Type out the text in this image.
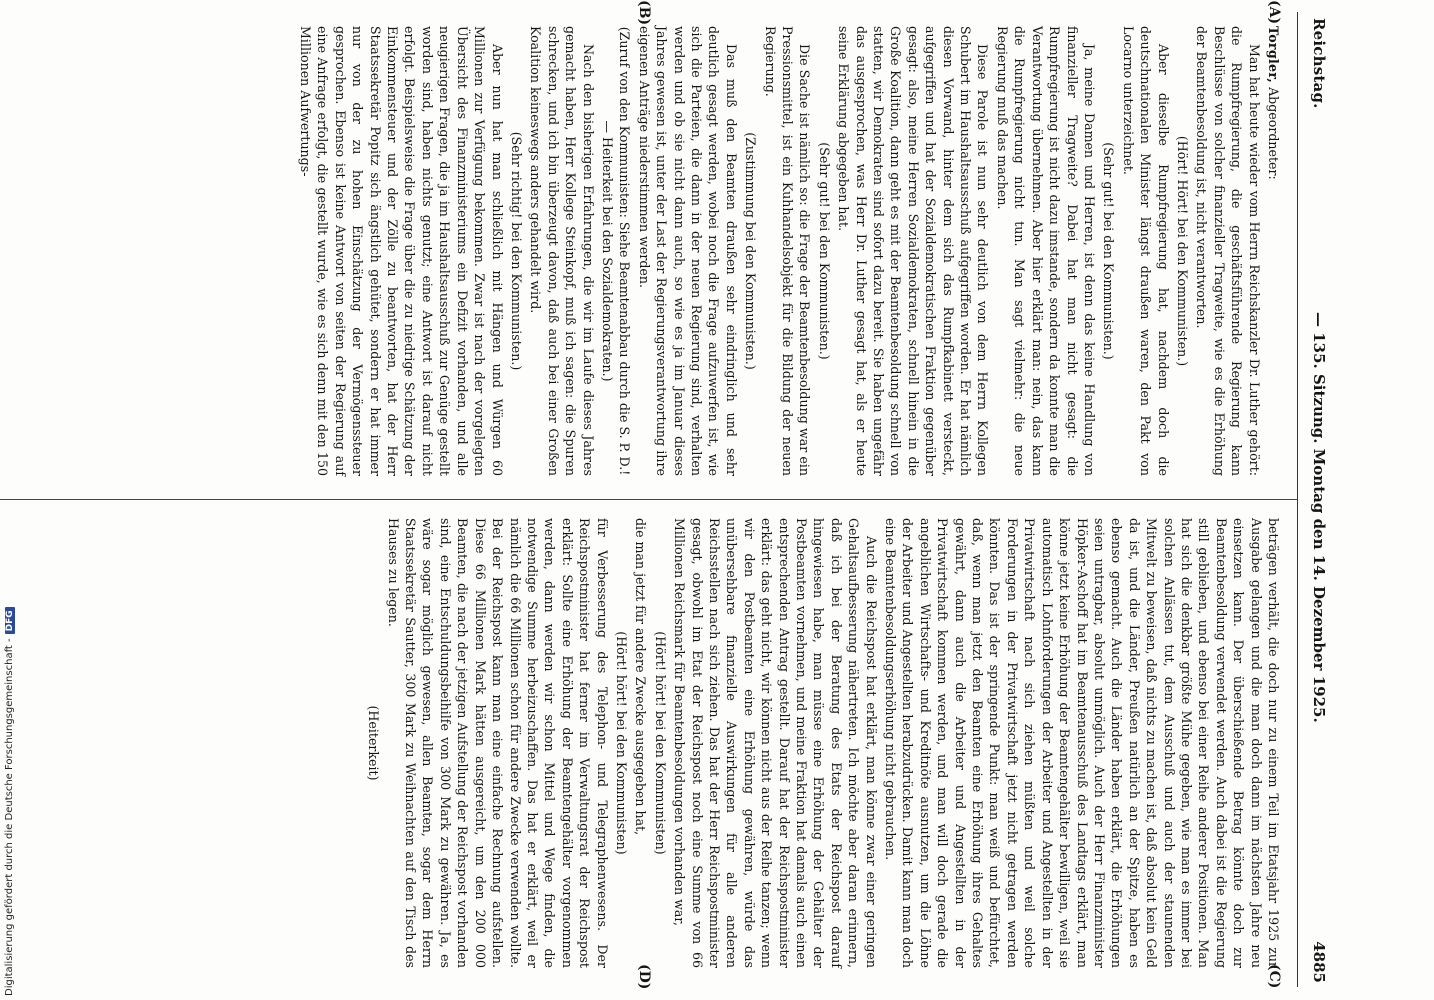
Reichstag.
— 135. Sitzung. Montag den 14. Dezember 1925.
4885
(A)
(B)
(C)
(D)

Torgler, Abgeordneter:

Man hat heute wieder vom Herrn Reichskanzler Dr. Luther gehört: die Rumpfregierung, die geschäftsführende Regierung kann Beschlüsse von solcher finanzieller Tragweite, wie es die Erhöhung der Beamtenbesoldung ist, nicht verantworten.

(Hört! Hört! bei den Kommunisten.)

Aber dieselbe Rumpfregierung hat, nachdem doch die deutschnationalen Minister längst draußen waren, den Pakt von Locarno unterzeichnet.

(Sehr gut! bei den Kommunisten.)

Ja, meine Damen und Herren, ist denn das keine Handlung von finanzieller Tragweite? Dabei hat man nicht gesagt: die Rumpfregierung ist nicht dazu imstande, sondern da konnte man die Verantwortung übernehmen. Aber hier erklärt man: nein, das kann die Rumpfregierung nicht tun. Man sagt vielmehr: die neue Regierung muß das machen.

Diese Parole ist nun sehr deutlich von dem Herrn Kollegen Schubert im Haushaltsausschuß aufgegriffen worden. Er hat nämlich diesen Vorwand, hinter dem sich das Rumpfkabinett versteckt, aufgegriffen und hat der Sozialdemokratischen Fraktion gegenüber gesagt: also, meine Herren Sozialdemokraten, schnell hinein in die Große Koalition, dann geht es mit der Beamtenbesoldung schnell von statten, wir Demokraten sind sofort dazu bereit. Sie haben ungefähr das ausgesprochen, was Herr Dr. Luther gesagt hat, als er heute seine Erklärung abgegeben hat.

(Sehr gut! bei den Kommunisten.)

Die Sache ist nämlich so: die Frage der Beamtenbesoldung war ein Pressionsmittel, ist ein Kuhhandelsobjekt für die Bildung der neuen Regierung.

(Zustimmung bei den Kommunisten.)

Das muß den Beamten draußen sehr eindringlich und sehr deutlich gesagt werden, wobei noch die Frage aufzuwerfen ist, wie sich die Parteien, die dann in der neuen Regierung sind, verhalten werden und ob sie nicht dann auch, so wie es ja im Januar dieses Jahres gewesen ist, unter der Last der Regierungsverantwortung ihre eigenen Anträge niederstimmen werden.

(Zuruf von den Kommunisten: Siehe Beamtenabbau durch die S. P. D.! — Heiterkeit bei den Sozialdemokraten.)

Nach den bisherigen Erfahrungen, die wir im Laufe dieses Jahres gemacht haben, Herr Kollege Steinkopf, muß ich sagen: die Spuren schrecken, und ich bin überzeugt davon, daß auch bei einer Großen Koalition keineswegs anders gehandelt wird.

(Sehr richtig! bei den Kommunisten.)

Aber nun hat man schließlich mit Hängen und Würgen 60 Millionen zur Verfügung bekommen. Zwar ist nach der vorgelegten Übersicht des Finanzministeriums ein Defizit vorhanden, und alle neugierigen Fragen, die ja im Haushaltsausschuß zur Genüge gestellt worden sind, haben nichts genutzt; eine Antwort ist darauf nicht erfolgt. Beispielsweise die Frage über die zu niedrige Schätzung der Einkommensteuer und der Zölle zu beantworten, hat der Herr Staatssekretär Popitz sich ängstlich gehütet, sondern er hat immer nur von der zu hohen Einschätzung der Vermögenssteuer gesprochen. Ebenso ist keine Antwort von seiten der Regierung auf eine Anfrage erfolgt, die gestellt wurde, wie es sich denn mit den 150 Millionen Aufwertungs-

beträgen verhält, die doch nur zu einem Teil im Etatsjahr 1925 zur Ausgabe gelangen und die man doch dann im nächsten Jahre neu einsetzen kann. Der überschießende Betrag könnte doch zur Beamtenbesoldung verwendet werden. Auch dabei ist die Regierung still geblieben, und ebenso bei einer Reihe anderer Positionen. Man hat sich die denkbar größte Mühe gegeben, wie man es immer bei solchen Anlässen tut, dem Ausschuß und auch der staunenden Mitwelt zu beweisen, daß nichts zu machen ist, daß absolut kein Geld da ist, und die Länder, Preußen natürlich an der Spitze, haben es ebenso gemacht. Auch die Länder haben erklärt, die Erhöhungen seien untragbar, absolut unmöglich. Auch der Herr Finanzminister Höpker-Aschoff hat im Beamtenausschuß des Landtags erklärt, man könne jetzt keine Erhöhung der Beamtengehälter bewilligen, weil sie automatisch Lohnforderungen der Arbeiter und Angestellten in der Privatwirtschaft nach sich ziehen müßten und weil solche Forderungen in der Privatwirtschaft jetzt nicht getragen werden könnten. Das ist der springende Punkt: man weiß und befürchtet, daß, wenn man jetzt den Beamten eine Erhöhung ihres Gehaltes gewährt, dann auch die Arbeiter und Angestellten in der Privatwirtschaft kommen werden, und man will doch gerade die angeblichen Wirtschafts- und Kreditnöte ausnutzen, um die Löhne der Arbeiter und Angestellten herabzudrücken. Damit kann man doch eine Beamtenbesoldungserhöhung nicht gebrauchen.

Auch die Reichspost hat erklärt, man könne zwar einer geringen Gehaltsaufbesserung nähertreten. Ich möchte aber daran erinnern, daß ich bei der Beratung des Etats der Reichspost darauf hingewiesen habe, man müsse eine Erhöhung der Gehälter der Postbeamten vornehmen, und meine Fraktion hat damals auch einen entsprechenden Antrag gestellt. Darauf hat der Reichspostminister erklärt: das geht nicht, wir können nicht aus der Reihe tanzen; wenn wir den Postbeamten eine Erhöhung gewähren, würde das unübersehbare finanzielle Auswirkungen für alle anderen Reichsstellen nach sich ziehen. Das hat der Herr Reichspostminister gesagt, obwohl im Etat der Reichspost noch eine Summe von 66 Millionen Reichsmark für Beamtenbesoldungen vorhanden war,

(Hört! hört! bei den Kommunisten)

die man jetzt für andere Zwecke ausgegeben hat,

(Hört! hört! bei den Kommunisten)

für Verbesserung des Telephon- und Telegraphenwesens. Der Reichspostminister hat ferner im Verwaltungsrat der Reichspost erklärt: Sollte eine Erhöhung der Beamtengehälter vorgenommen werden, dann werden wir schon Mittel und Wege finden, die notwendige Summe herbeizuschaffen. Das hat er erklärt, weil er nämlich die 66 Millionen schon für andere Zwecke verwenden wollte. Bei der Reichspost kann man eine einfache Rechnung aufstellen. Diese 66 Millionen Mark hätten ausgereicht, um den 200 000 Beamten, die nach der jetzigen Aufstellung der Reichspost vorhanden sind, eine Entschuldungsbeihilfe von 300 Mark zu gewähren. Ja, es wäre sogar möglich gewesen, allen Beamten, sogar dem Herrn Staatssekretär Sautter, 300 Mark zu Weihnachten auf den Tisch des Hauses zu legen.

(Heiterkeit)

Digitalisierung gefördert durch die Deutsche Forschungsgemeinschaft -DFG
